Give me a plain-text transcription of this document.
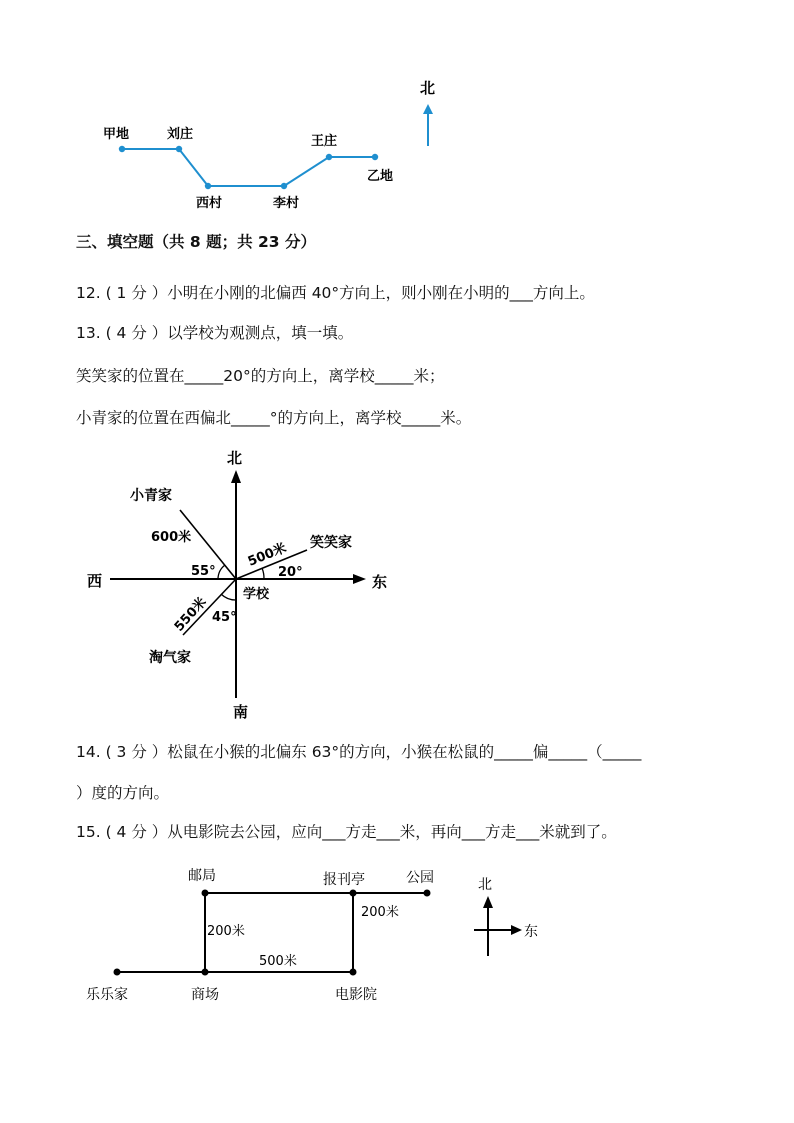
甲地	刘庄
西村	李村
王庄
乙地
北
三、填空题（共 8 题；共 23 分）
12. ( 1 分 ）小明在小刚的北偏西 40°方向上，则小刚在小明的___方向上。
13. ( 4 分 ）以学校为观测点，填一填。
笑笑家的位置在_____20°的方向上，离学校_____米；
小青家的位置在西偏北_____°的方向上，离学校_____米。
北
南
东
西
学校
小青家
600米
55°
笑笑家
500米
20°
淘气家
550米 45°
14. ( 3 分 ）松鼠在小猴的北偏东 63°的方向，小猴在松鼠的_____偏_____（_____
）度的方向。
15. ( 4 分 ）从电影院去公园，应向___方走___米，再向___方走___米就到了。
邮局	报刊亭	公园
乐乐家	商场	电影院
200米
500米
200米
北
东
